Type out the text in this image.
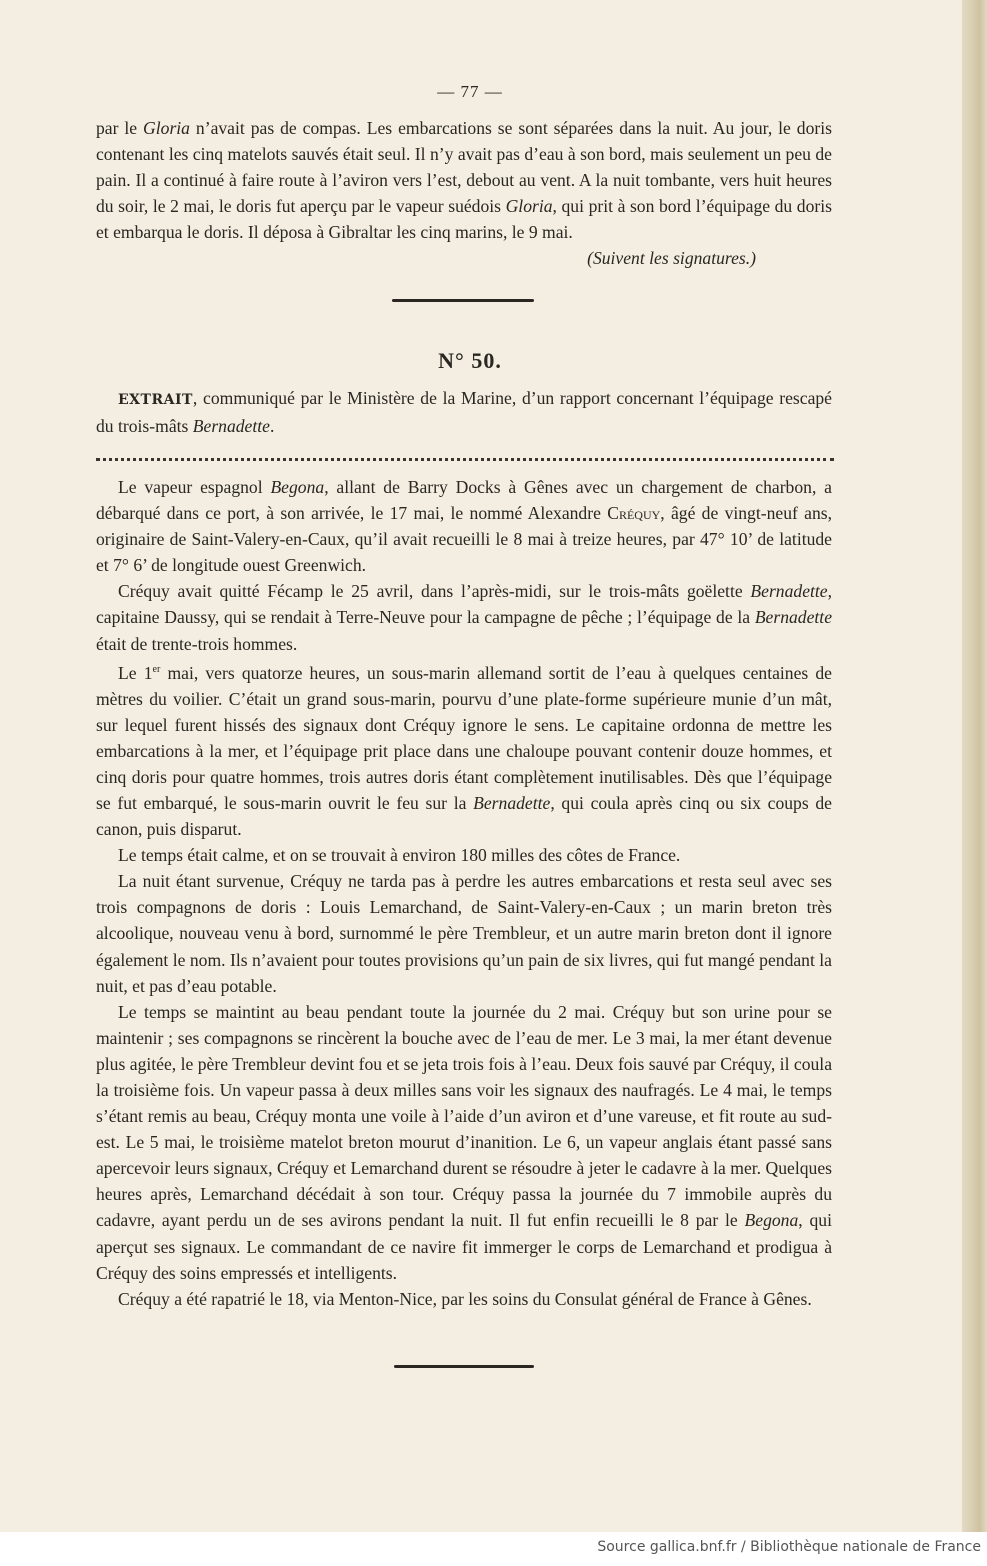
Source gallica.bnf.fr / Bibliothèque nationale de France
— 77 —

par le Gloria n’avait pas de compas. Les embarcations se sont séparées dans la nuit. Au jour, le doris contenant les cinq matelots sauvés était seul. Il n’y avait pas d’eau à son bord, mais seulement un peu de pain. Il a continué à faire route à l’aviron vers l’est, debout au vent. A la nuit tombante, vers huit heures du soir, le 2 mai, le doris fut aperçu par le vapeur suédois Gloria, qui prit à son bord l’équipage du doris et embarqua le doris. Il déposa à Gibraltar les cinq marins, le 9 mai.

(Suivent les signatures.)

N° 50.

EXTRAIT, communiqué par le Ministère de la Marine, d’un rapport concernant l’équipage rescapé du trois-mâts Bernadette.

Le vapeur espagnol Begona, allant de Barry Docks à Gênes avec un chargement de charbon, a débarqué dans ce port, à son arrivée, le 17 mai, le nommé Alexandre Créquy, âgé de vingt-neuf ans, originaire de Saint-Valery-en-Caux, qu’il avait recueilli le 8 mai à treize heures, par 47° 10’ de latitude et 7° 6’ de longitude ouest Greenwich.

Créquy avait quitté Fécamp le 25 avril, dans l’après-midi, sur le trois-mâts goëlette Bernadette, capitaine Daussy, qui se rendait à Terre-Neuve pour la campagne de pêche ; l’équipage de la Bernadette était de trente-trois hommes.

Le 1er mai, vers quatorze heures, un sous-marin allemand sortit de l’eau à quelques centaines de mètres du voilier. C’était un grand sous-marin, pourvu d’une plate-forme supérieure munie d’un mât, sur lequel furent hissés des signaux dont Créquy ignore le sens. Le capitaine ordonna de mettre les embarcations à la mer, et l’équipage prit place dans une chaloupe pouvant contenir douze hommes, et cinq doris pour quatre hommes, trois autres doris étant complètement inutilisables. Dès que l’équipage se fut embarqué, le sous-marin ouvrit le feu sur la Bernadette, qui coula après cinq ou six coups de canon, puis disparut.

Le temps était calme, et on se trouvait à environ 180 milles des côtes de France.

La nuit étant survenue, Créquy ne tarda pas à perdre les autres embarcations et resta seul avec ses trois compagnons de doris : Louis Lemarchand, de Saint-Valery-en-Caux ; un marin breton très alcoolique, nouveau venu à bord, surnommé le père Trembleur, et un autre marin breton dont il ignore également le nom. Ils n’avaient pour toutes provisions qu’un pain de six livres, qui fut mangé pendant la nuit, et pas d’eau potable.

Le temps se maintint au beau pendant toute la journée du 2 mai. Créquy but son urine pour se maintenir ; ses compagnons se rincèrent la bouche avec de l’eau de mer. Le 3 mai, la mer étant devenue plus agitée, le père Trembleur devint fou et se jeta trois fois à l’eau. Deux fois sauvé par Créquy, il coula la troisième fois. Un vapeur passa à deux milles sans voir les signaux des naufragés. Le 4 mai, le temps s’étant remis au beau, Créquy monta une voile à l’aide d’un aviron et d’une vareuse, et fit route au sud-est. Le 5 mai, le troisième matelot breton mourut d’inanition. Le 6, un vapeur anglais étant passé sans apercevoir leurs signaux, Créquy et Lemarchand durent se résoudre à jeter le cadavre à la mer. Quelques heures après, Lemarchand décédait à son tour. Créquy passa la journée du 7 immobile auprès du cadavre, ayant perdu un de ses avirons pendant la nuit. Il fut enfin recueilli le 8 par le Begona, qui aperçut ses signaux. Le commandant de ce navire fit immerger le corps de Lemarchand et prodigua à Créquy des soins empressés et intelligents.

Créquy a été rapatrié le 18, via Menton-Nice, par les soins du Consulat général de France à Gênes.
